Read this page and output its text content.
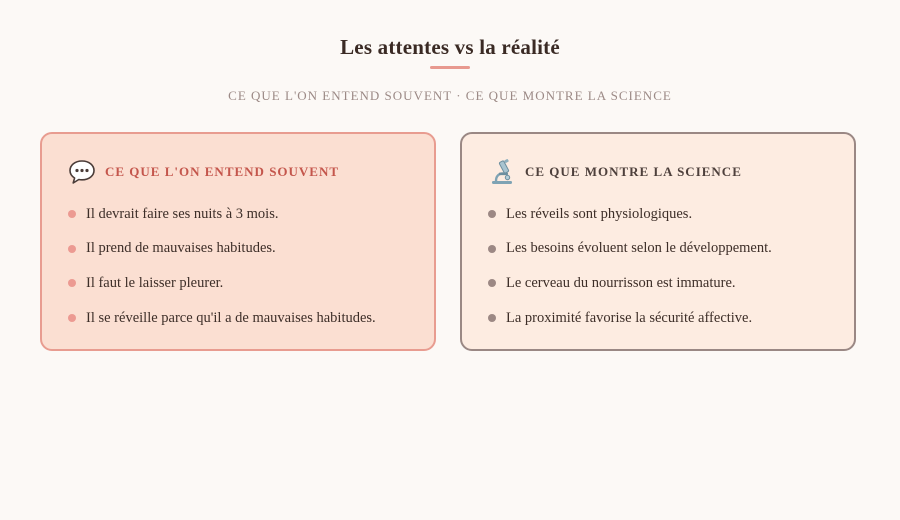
Les attentes vs la réalité
CE QUE L'ON ENTEND SOUVENT · CE QUE MONTRE LA SCIENCE
CE QUE L'ON ENTEND SOUVENT
Il devrait faire ses nuits à 3 mois.
Il prend de mauvaises habitudes.
Il faut le laisser pleurer.
Il se réveille parce qu'il a de mauvaises habitudes.
CE QUE MONTRE LA SCIENCE
Les réveils sont physiologiques.
Les besoins évoluent selon le développement.
Le cerveau du nourrisson est immature.
La proximité favorise la sécurité affective.
